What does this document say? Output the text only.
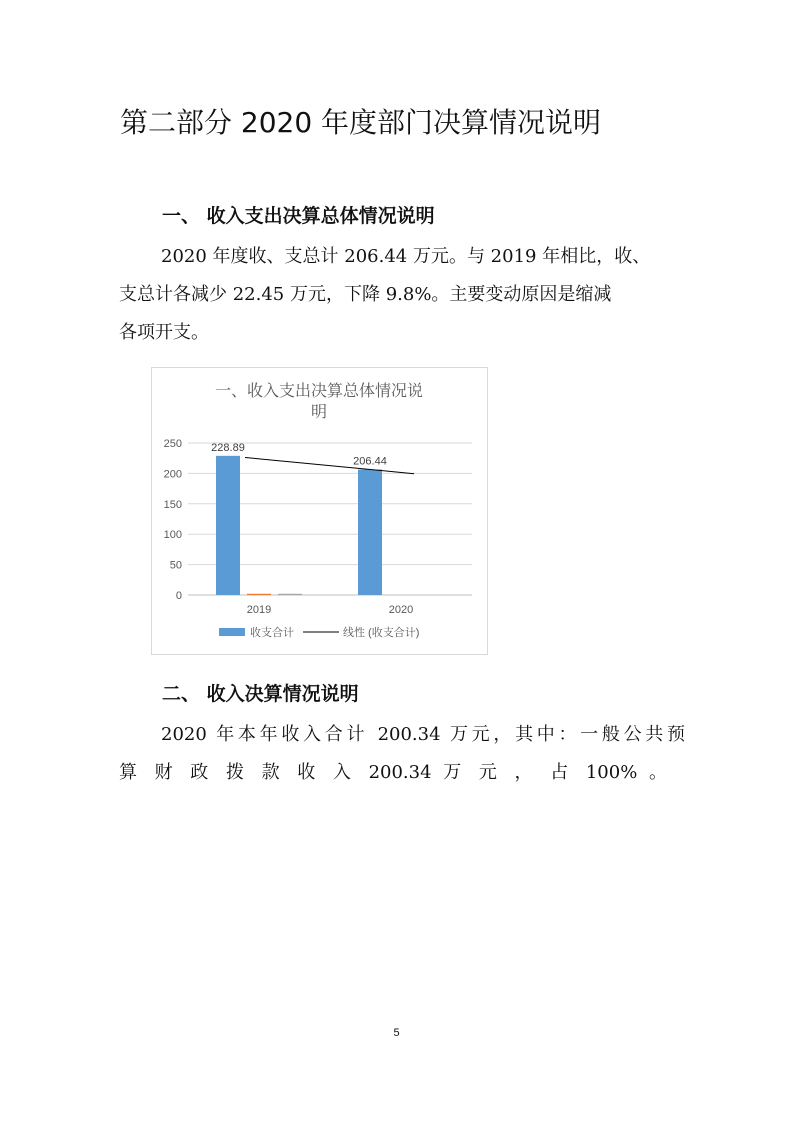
第二部分 2020 年度部门决算情况说明
一、 收入支出决算总体情况说明
2020 年度收、支总计 206.44 万元。与 2019 年相比，收、
支总计各减少 22.45 万元，下降 9.8%。主要变动原因是缩减
各项开支。
一、收入支出决算总体情况说
明
0
50
100
150
200
250	228.89
2019
206.44
2020
收支合计	线性 (收支合计)
二、 收入决算情况说明
2020 年本年收入合计 200.34 万元，其中：一般公共预
算 财 政 拨 款 收 入 200.34 万 元 ， 占 100% 。
5
